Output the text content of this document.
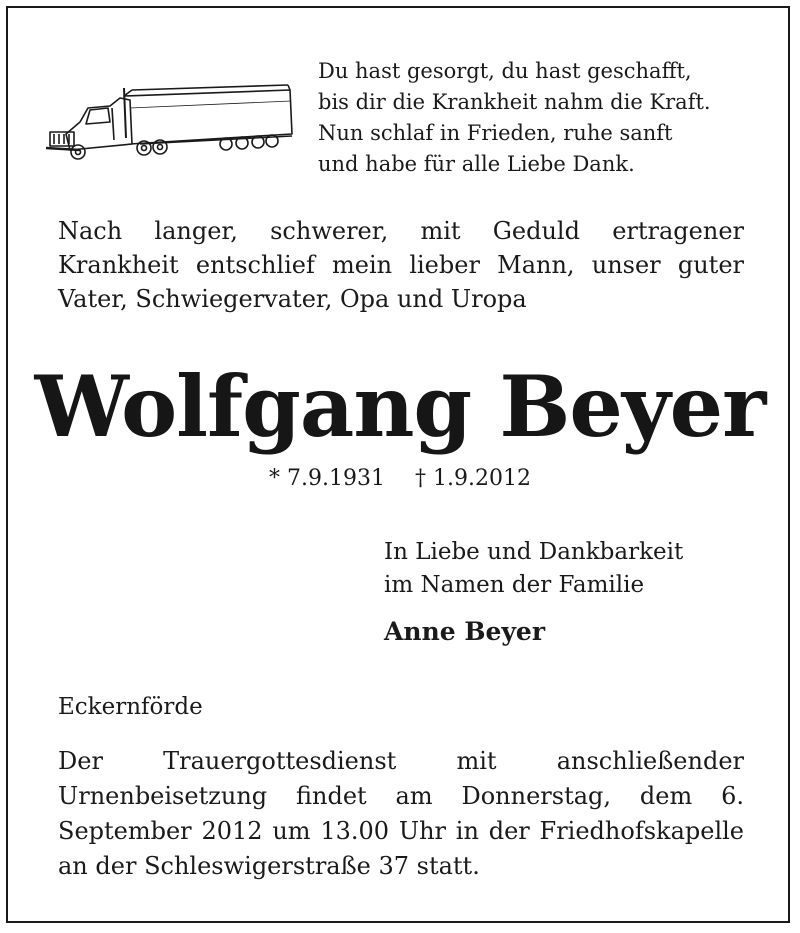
Du hast gesorgt, du hast geschafft,
bis dir die Krankheit nahm die Kraft.
Nun schlaf in Frieden, ruhe sanft
und habe für alle Liebe Dank.
Nach langer, schwerer, mit Geduld ertragener Krankheit entschlief mein lieber Mann, unser guter Vater, Schwiegervater, Opa und Uropa
Wolfgang Beyer
* 7.9.1931 † 1.9.2012
In Liebe und Dankbarkeit
im Namen der Familie
Anne Beyer
Eckernförde
Der Trauergottesdienst mit anschließender Urnenbeisetzung findet am Donnerstag, dem 6. September 2012 um 13.00 Uhr in der Friedhofskapelle an der Schleswigerstraße 37 statt.
